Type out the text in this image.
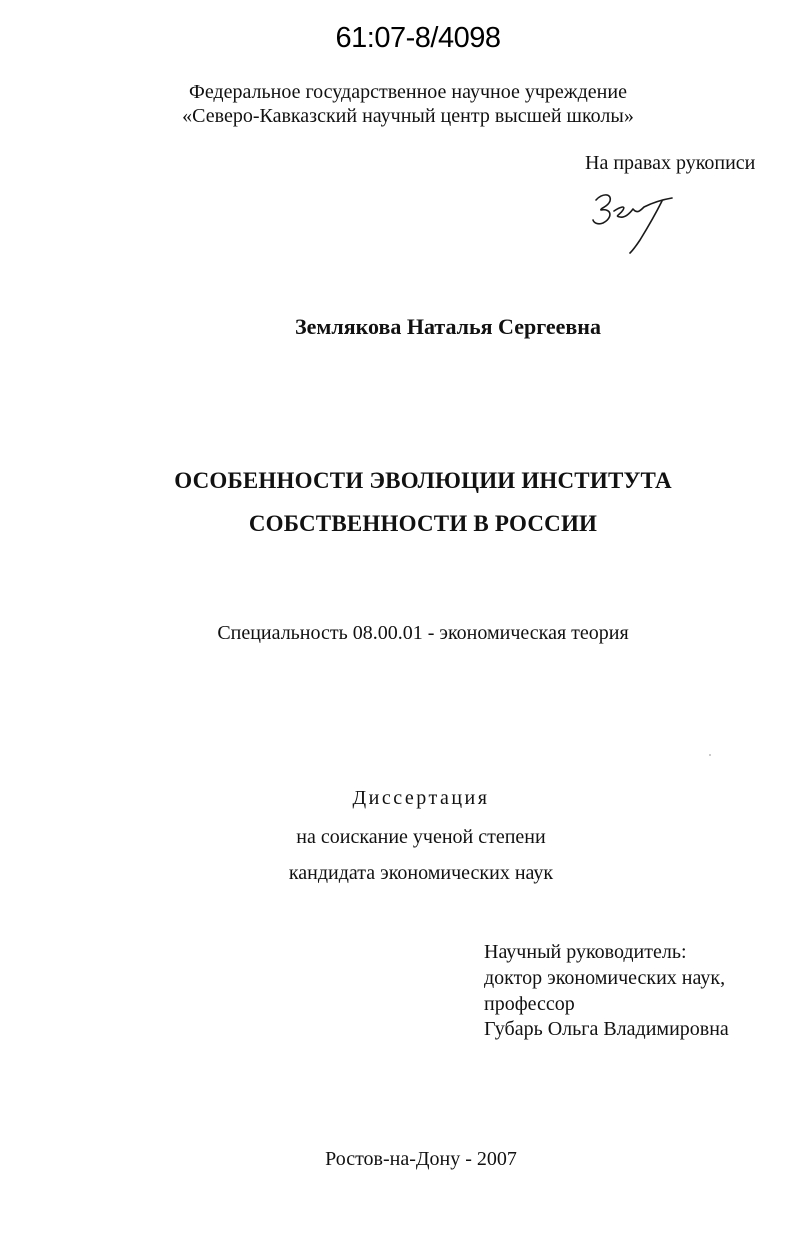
61:07-8/4098
Федеральное государственное научное учреждение
«Северо-Кавказский научный центр высшей школы»
На правах рукописи
Землякова Наталья Сергеевна
ОСОБЕННОСТИ ЭВОЛЮЦИИ ИНСТИТУТА
СОБСТВЕННОСТИ В РОССИИ
Специальность 08.00.01 - экономическая теория
Диссертация
на соискание ученой степени
кандидата экономических наук
Научный руководитель:
доктор экономических наук,
профессор
Губарь Ольга Владимировна
Ростов-на-Дону - 2007
